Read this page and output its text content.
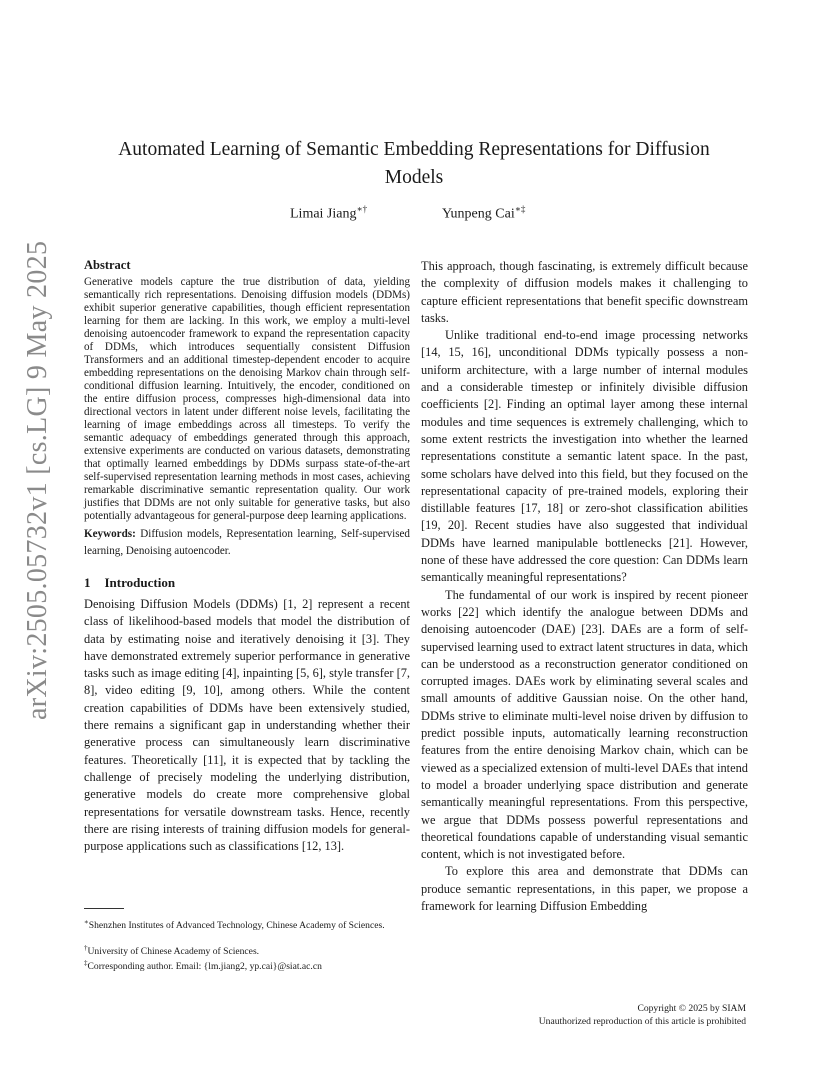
arXiv:2505.05732v1 [cs.LG] 9 May 2025
Automated Learning of Semantic Embedding Representations for Diffusion
Models
Limai Jiang∗†	Yunpeng Cai∗‡
Abstract

Generative models capture the true distribution of data, yielding semantically rich representations. Denoising diffusion models (DDMs) exhibit superior generative capabilities, though efficient representation learning for them are lacking. In this work, we employ a multi-level denoising autoencoder framework to expand the representation capacity of DDMs, which introduces sequentially consistent Diffusion Transformers and an additional timestep-dependent encoder to acquire embedding representations on the denoising Markov chain through self-conditional diffusion learning. Intuitively, the encoder, conditioned on the entire diffusion process, compresses high-dimensional data into directional vectors in latent under different noise levels, facilitating the learning of image embeddings across all timesteps. To verify the semantic adequacy of embeddings generated through this approach, extensive experiments are conducted on various datasets, demonstrating that optimally learned embeddings by DDMs surpass state-of-the-art self-supervised representation learning methods in most cases, achieving remarkable discriminative semantic representation quality. Our work justifies that DDMs are not only suitable for generative tasks, but also potentially advantageous for general-purpose deep learning applications.

Keywords: Diffusion models, Representation learning, Self-supervised learning, Denoising autoencoder.

1 Introduction

Denoising Diffusion Models (DDMs) [1, 2] represent a recent class of likelihood-based models that model the distribution of data by estimating noise and iteratively denoising it [3]. They have demonstrated extremely superior performance in generative tasks such as image editing [4], inpainting [5, 6], style transfer [7, 8], video editing [9, 10], among others. While the content creation capabilities of DDMs have been extensively studied, there remains a significant gap in understanding whether their generative process can simultaneously learn discriminative features. Theoretically [11], it is expected that by tackling the challenge of precisely modeling the underlying distribution, generative models do create more comprehensive global representations for versatile downstream tasks. Hence, recently there are rising interests of training diffusion models for general-purpose applications such as classifications [12, 13].

This approach, though fascinating, is extremely difficult because the complexity of diffusion models makes it challenging to capture efficient representations that benefit specific downstream tasks.

Unlike traditional end-to-end image processing networks [14, 15, 16], unconditional DDMs typically possess a non-uniform architecture, with a large number of internal modules and a considerable timestep or infinitely divisible diffusion coefficients [2]. Finding an optimal layer among these internal modules and time sequences is extremely challenging, which to some extent restricts the investigation into whether the learned representations constitute a semantic latent space. In the past, some scholars have delved into this field, but they focused on the representational capacity of pre-trained models, exploring their distillable features [17, 18] or zero-shot classification abilities [19, 20]. Recent studies have also suggested that individual DDMs have learned manipulable bottlenecks [21]. However, none of these have addressed the core question: Can DDMs learn semantically meaningful representations?

The fundamental of our work is inspired by recent pioneer works [22] which identify the analogue between DDMs and denoising autoencoder (DAE) [23]. DAEs are a form of self-supervised learning used to extract latent structures in data, which can be understood as a reconstruction generator conditioned on corrupted images. DAEs work by eliminating several scales and small amounts of additive Gaussian noise. On the other hand, DDMs strive to eliminate multi-level noise driven by diffusion to predict possible inputs, automatically learning reconstruction features from the entire denoising Markov chain, which can be viewed as a specialized extension of multi-level DAEs that intend to model a broader underlying space distribution and generate semantically meaningful representations. From this perspective, we argue that DDMs possess powerful representations and theoretical foundations capable of understanding visual semantic content, which is not investigated before.

To explore this area and demonstrate that DDMs can produce semantic representations, in this paper, we propose a framework for learning Diffusion Embedding

∗Shenzhen Institutes of Advanced Technology, Chinese Academy of Sciences.
†University of Chinese Academy of Sciences.
‡Corresponding author. Email: {lm.jiang2, yp.cai}@siat.ac.cn
Copyright © 2025 by SIAM
Unauthorized reproduction of this article is prohibited
